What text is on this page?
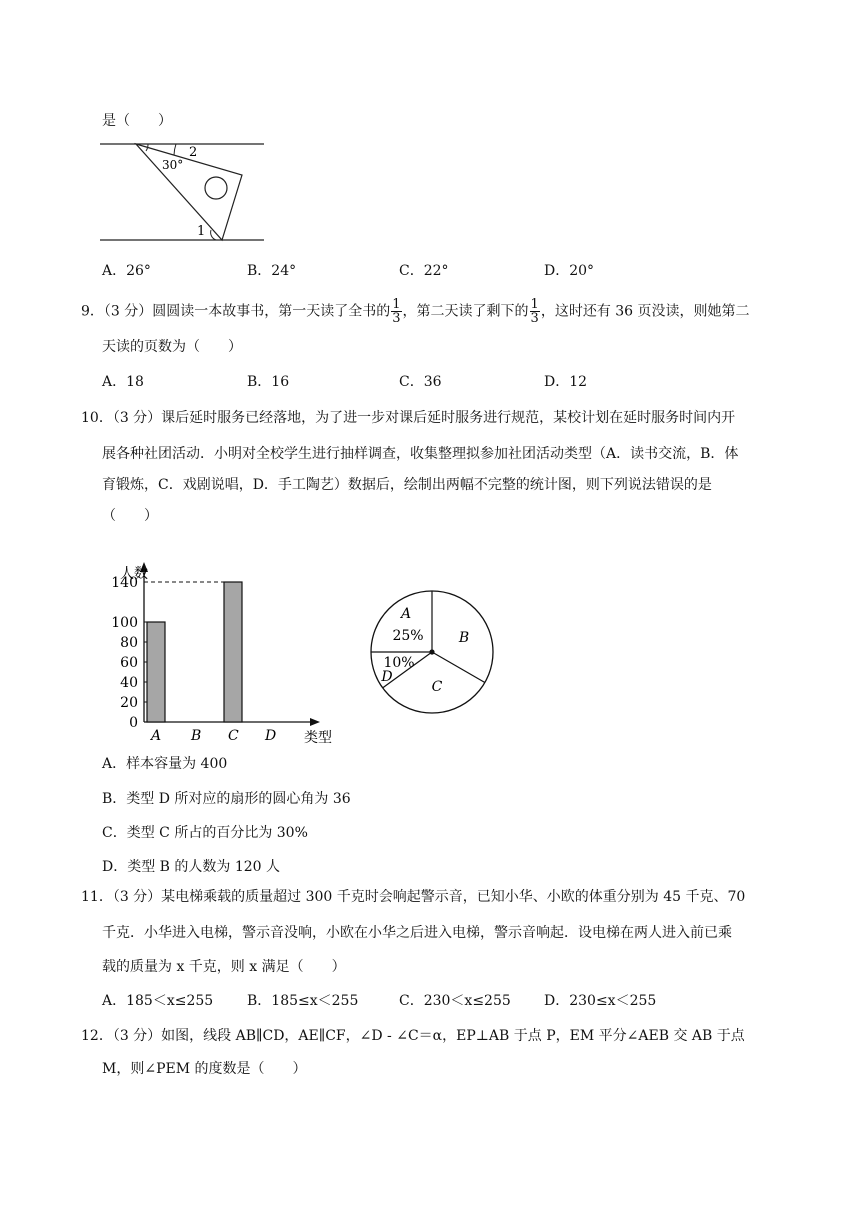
是（　　）
30°
2
1
A．26°	B．24°	C．22°	D．20°
9．（3 分）圆圆读一本故事书，第一天读了全书的 $\frac{1}{3}$ ，第二天读了剩下的 $\frac{1}{3}$ ，这时还有 36 页没读，则她第二
天读的页数为（　　）
A．18	B．16	C．36	D．12
10．（3 分）课后延时服务已经落地，为了进一步对课后延时服务进行规范，某校计划在延时服务时间内开
展各种社团活动．小明对全校学生进行抽样调查，收集整理拟参加社团活动类型（A．读书交流，B．体
育锻炼，C．戏剧说唱，D．手工陶艺）数据后，绘制出两幅不完整的统计图，则下列说法错误的是
（　　）
人数
类型
0
20
40
60
80
100
140
A B C D
A
25%	B
C
10%
D
A．样本容量为 400
B．类型 D 所对应的扇形的圆心角为 36
C．类型 C 所占的百分比为 30%
D．类型 B 的人数为 120 人
11．（3 分）某电梯乘载的质量超过 300 千克时会响起警示音，已知小华、小欧的体重分别为 45 千克、70
千克．小华进入电梯，警示音没响，小欧在小华之后进入电梯，警示音响起．设电梯在两人进入前已乘
载的质量为 x 千克，则 x 满足（　　）
A．185＜x≤255 B．185≤x＜255	C．230＜x≤255 D．230≤x＜255
12．（3 分）如图，线段 AB∥CD，AE∥CF，∠D - ∠C＝α，EP⊥AB 于点 P，EM 平分∠AEB 交 AB 于点
M，则∠PEM 的度数是（　　）
